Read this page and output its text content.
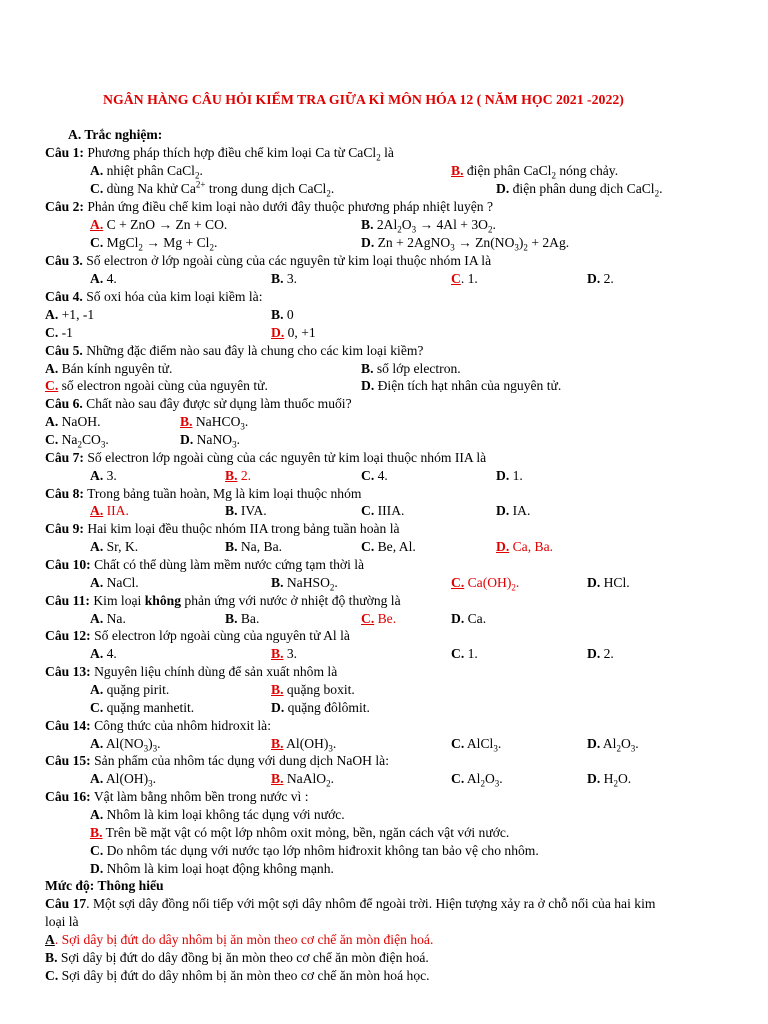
NGÂN HÀNG CÂU HỎI KIỂM TRA GIỮA KÌ MÔN HÓA 12 ( NĂM HỌC 2021 -2022)
A. Trắc nghiệm:
Câu 1: Phương pháp thích hợp điều chế kim loại Ca từ CaCl$_2$ là
A. nhiệt phân CaCl$_2$.	B. điện phân CaCl$_2$ nóng chảy.
C. dùng Na khử $Ca^{2+}$ trong dung dịch CaCl$_2$.	D. điện phân dung dịch CaCl$_2$.
Câu 2: Phản ứng điều chế kim loại nào dưới đây thuộc phương pháp nhiệt luyện ?
A. C + ZnO → Zn + CO.	B. $2Al_2O_3 \to 4Al + 3O_2$.
C. MgCl$_2$ → $Mg + Cl_2$.	D. Zn + 2AgNO$_3$ → $Zn(NO_3)_2 + 2Ag$.
Câu 3. Số electron ở lớp ngoài cùng của các nguyên tử kim loại thuộc nhóm IA là
A. 4.	B. 3.	C. 1.	D. 2.
Câu 4. Số oxi hóa của kim loại kiềm là:
A. +1, -1	B. 0
C. -1	D. 0, +1
Câu 5. Những đặc điểm nào sau đây là chung cho các kim loại kiềm?
A. Bán kính nguyên tử.	B. số lớp electron.
C. số electron ngoài cùng của nguyên tử.	D. Điện tích hạt nhân của nguyên tử.
Câu 6. Chất nào sau đây được sử dụng làm thuốc muối?
A. NaOH.	B. NaHCO$_3$.
C. $Na_2CO_3$.	D. NaNO$_3$.
Câu 7: Số electron lớp ngoài cùng của các nguyên tử kim loại thuộc nhóm IIA là
A. 3.	B. 2.	C. 4.	D. 1.
Câu 8: Trong bảng tuần hoàn, Mg là kim loại thuộc nhóm
A. IIA.	B. IVA.	C. IIIA.	D. IA.
Câu 9: Hai kim loại đều thuộc nhóm IIA trong bảng tuần hoàn là
A. Sr, K.	B. Na, Ba.	C. Be, Al.	D. Ca, Ba.
Câu 10: Chất có thể dùng làm mềm nước cứng tạm thời là
A. NaCl.	B. NaHSO$_2$.	C. $Ca(OH)_2$.	D. HCl.
Câu 11: Kim loại không phản ứng với nước ở nhiệt độ thường là
A. Na.	B. Ba.	C. Be.	D. Ca.
Câu 12: Số electron lớp ngoài cùng của nguyên tử Al là
A. 4.	B. 3.	C. 1.	D. 2.
Câu 13: Nguyên liệu chính dùng để sản xuất nhôm là
A. quặng pirit.	B. quặng boxit.
C. quặng manhetit.	D. quặng đôlômit.
Câu 14: Công thức của nhôm hidroxit là:
A. $Al(NO_3)_3$.	B. $Al(OH)_3$.	C. AlCl$_3$.	D. $Al_2O_3$.
Câu 15: Sản phẩm của nhôm tác dụng với dung dịch NaOH là:
A. $Al(OH)_3$.	B. NaAlO$_2$.	C. $Al_2O_3$.	D. $H_2O$.
Câu 16: Vật làm bằng nhôm bền trong nước vì :
A. Nhôm là kim loại không tác dụng với nước.
B. Trên bề mặt vật có một lớp nhôm oxit mỏng, bền, ngăn cách vật với nước.
C. Do nhôm tác dụng với nước tạo lớp nhôm hiđroxit không tan bảo vệ cho nhôm.
D. Nhôm là kim loại hoạt động không mạnh.
Mức độ: Thông hiểu
Câu 17. Một sợi dây đồng nối tiếp với một sợi dây nhôm để ngoài trời. Hiện tượng xảy ra ở chỗ nối của hai kim
loại là
A. Sợi dây bị đứt do dây nhôm bị ăn mòn theo cơ chế ăn mòn điện hoá.
B. Sợi dây bị đứt do dây đồng bị ăn mòn theo cơ chế ăn mòn điện hoá.
C. Sợi dây bị đứt do dây nhôm bị ăn mòn theo cơ chế ăn mòn hoá học.
